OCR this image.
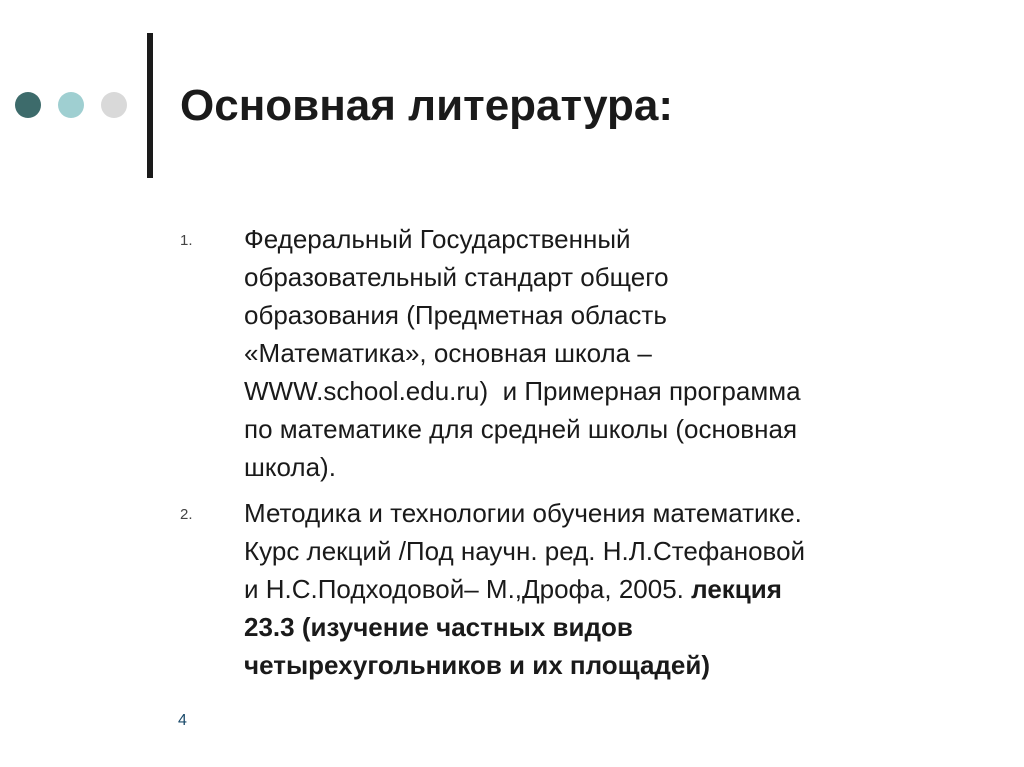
Основная литература:
1. Федеральный Государственный
образовательный стандарт общего
образования (Предметная область
«Математика», основная школа –
WWW.school.edu.ru)  и Примерная программа
по математике для средней школы (основная
школа).
2. Методика и технологии обучения математике.
Курс лекций /Под научн. ред. Н.Л.Стефановой
и Н.С.Подходовой– М.,Дрофа, 2005. лекция
23.3 (изучение частных видов
четырехугольников и их площадей)
4
